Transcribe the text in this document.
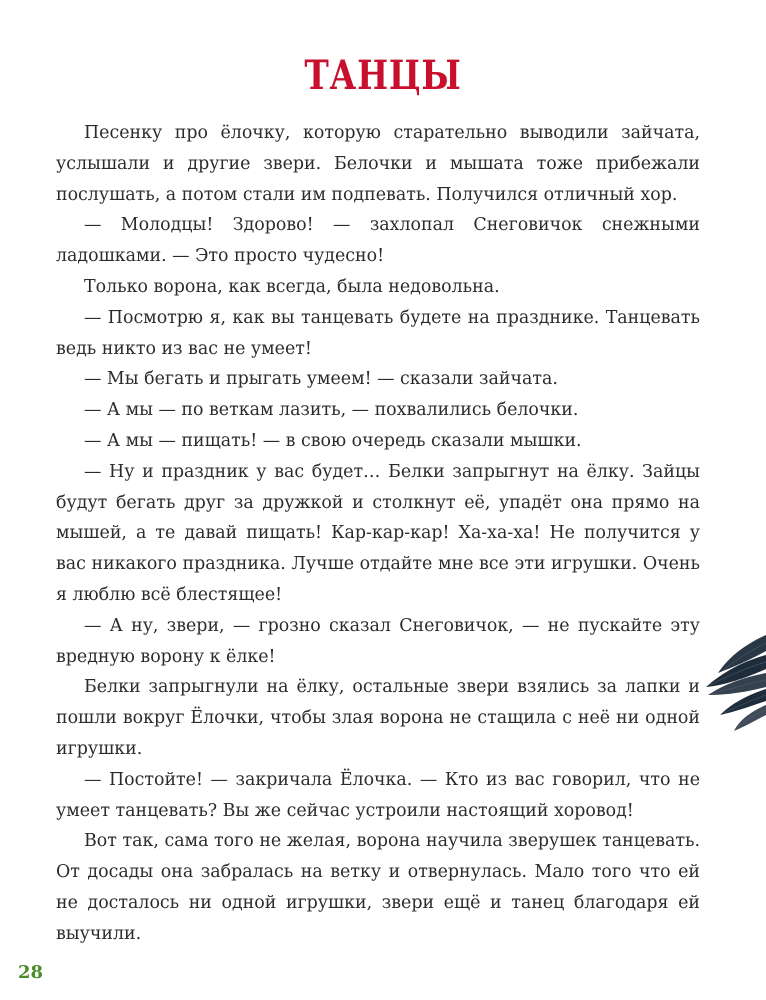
ТАНЦЫ

Песенку про ёлочку, которую старательно выводили зайчата, услышали и другие звери. Белочки и мышата тоже прибежали послушать, а потом стали им подпевать. Получился отличный хор.

— Молодцы! Здорово! — захлопал Снеговичок снежными ладошками. — Это просто чудесно!

Только ворона, как всегда, была недовольна.

— Посмотрю я, как вы танцевать будете на празднике. Танцевать ведь никто из вас не умеет!

— Мы бегать и прыгать умеем! — сказали зайчата.

— А мы — по веткам лазить, — похвалились белочки.

— А мы — пищать! — в свою очередь сказали мышки.

— Ну и праздник у вас будет… Белки запрыгнут на ёлку. Зайцы будут бегать друг за дружкой и столкнут её, упадёт она прямо на мышей, а те давай пищать! Кар-кар-кар! Ха-ха-ха! Не получится у вас никакого праздника. Лучше отдайте мне все эти игрушки. Очень я люблю всё блестящее!

— А ну, звери, — грозно сказал Снеговичок, — не пускайте эту вредную ворону к ёлке!

Белки запрыгнули на ёлку, остальные звери взялись за лапки и пошли вокруг Ёлочки, чтобы злая ворона не стащила с неё ни одной игрушки.

— Постойте! — закричала Ёлочка. — Кто из вас говорил, что не умеет танцевать? Вы же сейчас устроили настоящий хоровод!

Вот так, сама того не желая, ворона научила зверушек танцевать. От досады она забралась на ветку и отвернулась. Мало того что ей не досталось ни одной игрушки, звери ещё и танец благодаря ей выучили.

28
